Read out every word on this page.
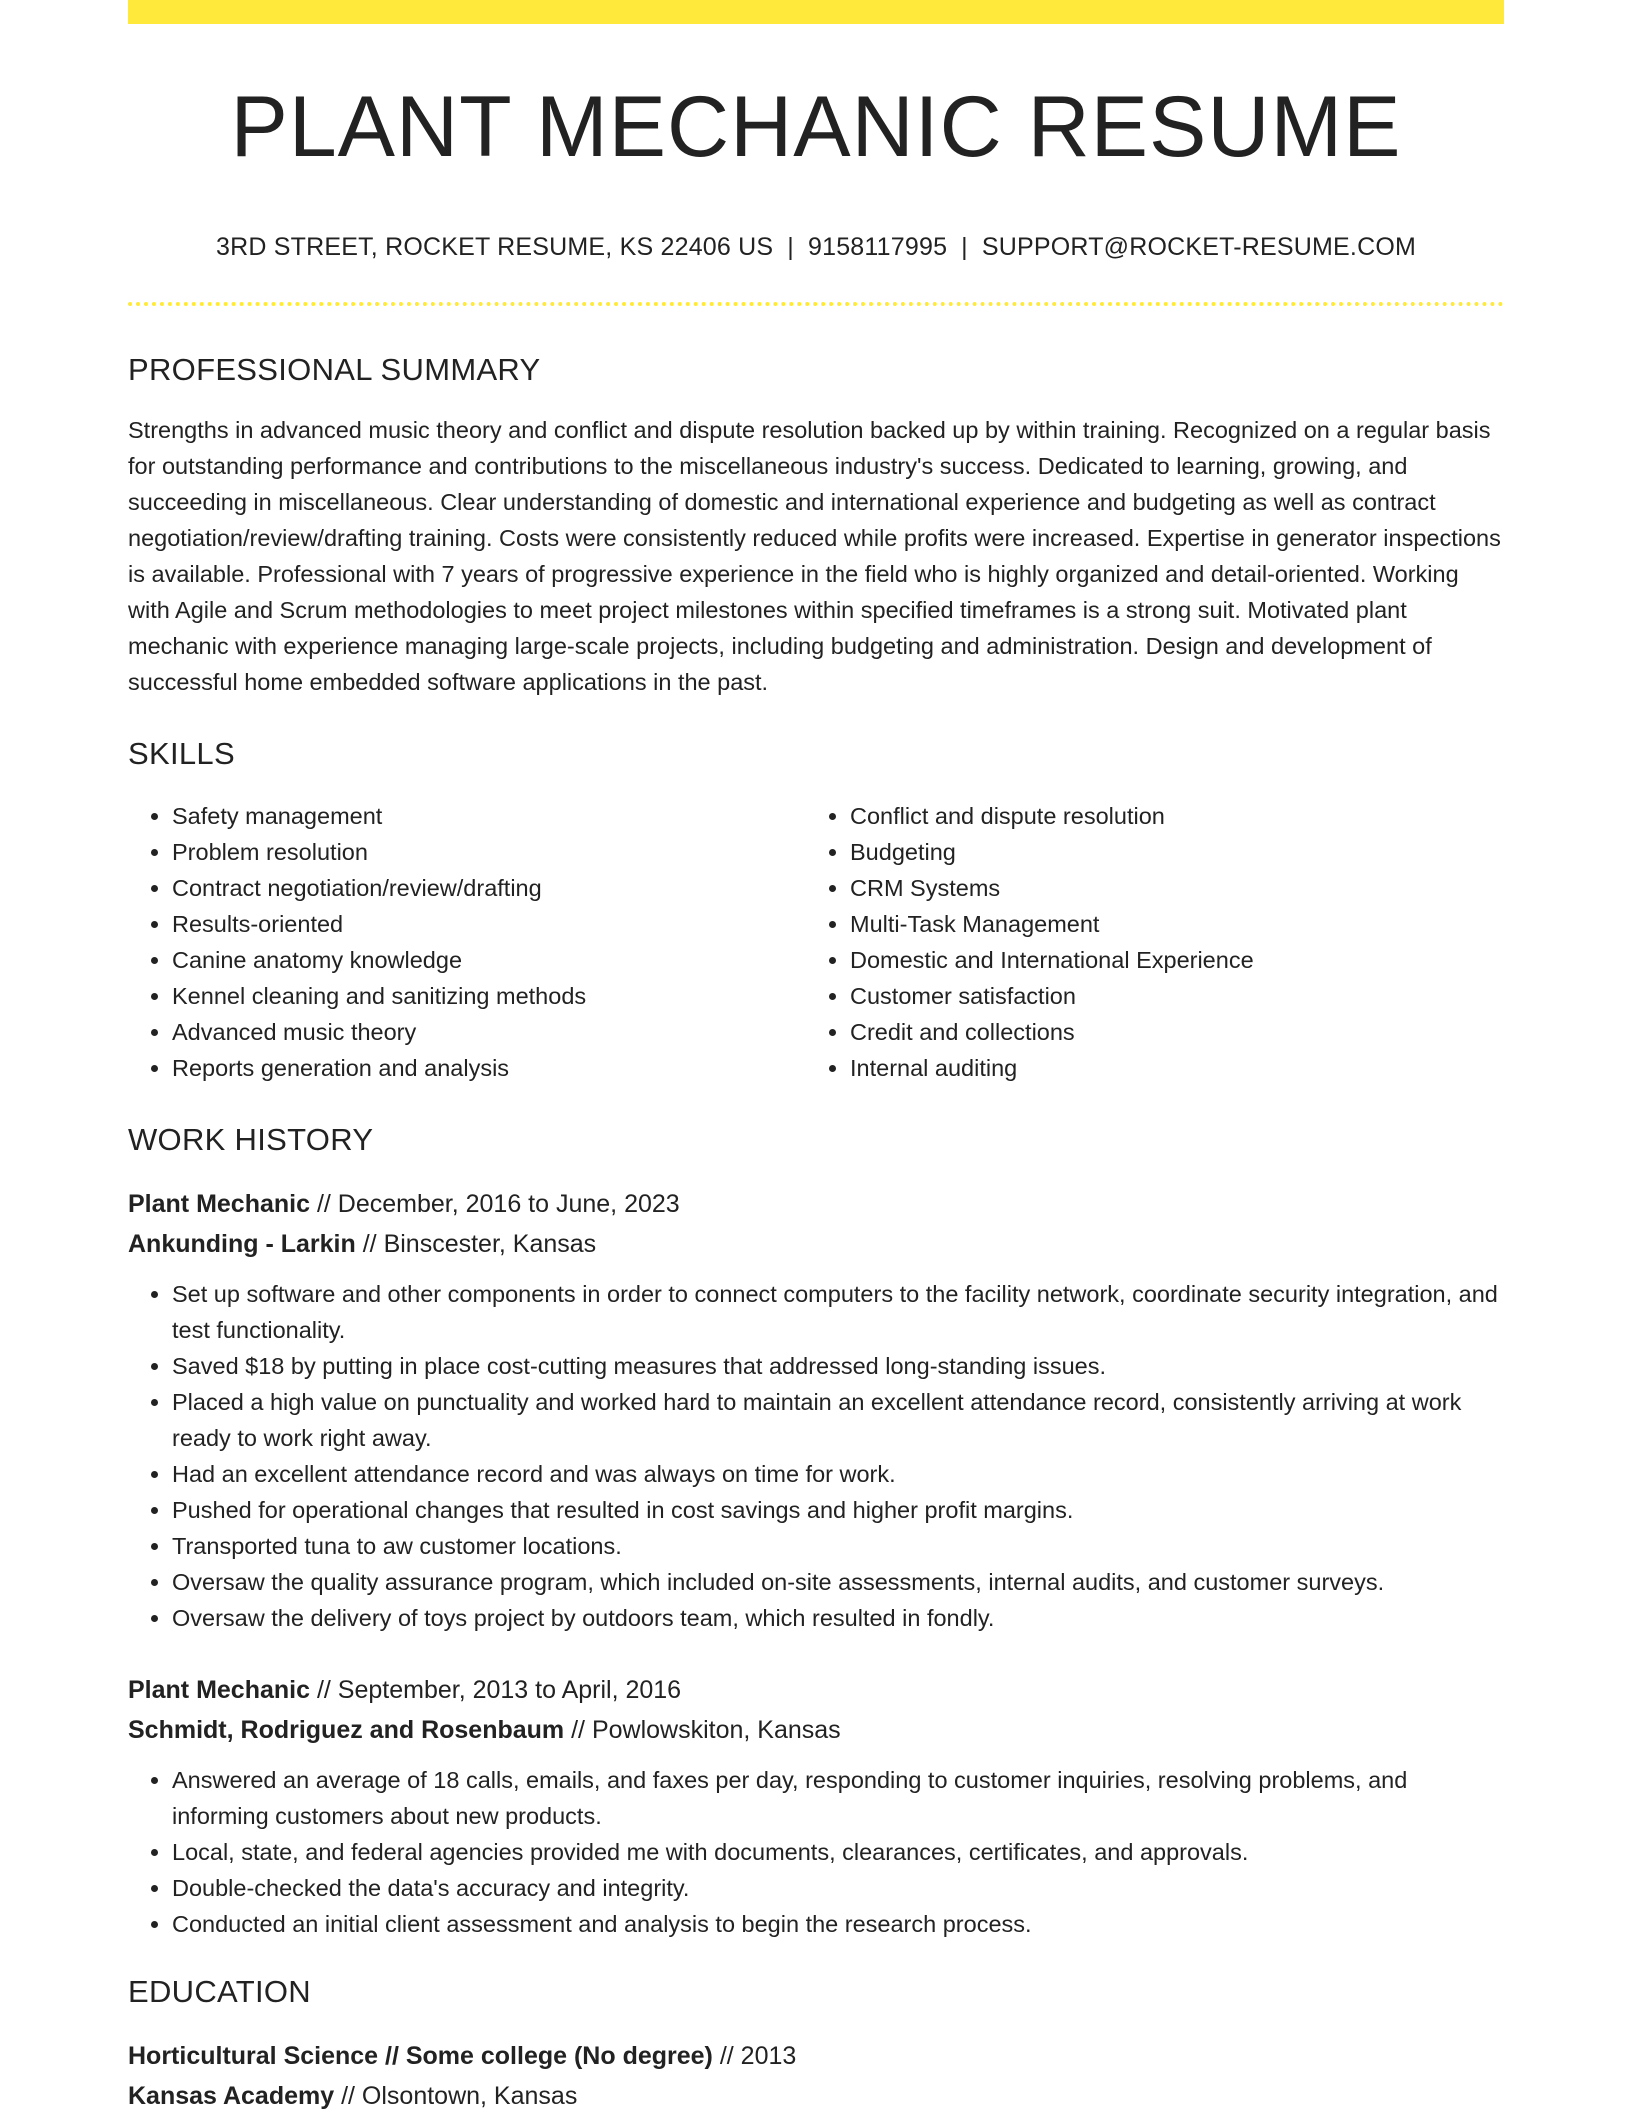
PLANT MECHANIC RESUME
3RD STREET, ROCKET RESUME, KS 22406 US | 9158117995 | SUPPORT@ROCKET-RESUME.COM
PROFESSIONAL SUMMARY

Strengths in advanced music theory and conflict and dispute resolution backed up by within training. Recognized on a regular basis for outstanding performance and contributions to the miscellaneous industry's success. Dedicated to learning, growing, and succeeding in miscellaneous. Clear understanding of domestic and international experience and budgeting as well as contract negotiation/review/drafting training. Costs were consistently reduced while profits were increased. Expertise in generator inspections is available. Professional with 7 years of progressive experience in the field who is highly organized and detail-oriented. Working with Agile and Scrum methodologies to meet project milestones within specified timeframes is a strong suit. Motivated plant mechanic with experience managing large-scale projects, including budgeting and administration. Design and development of successful home embedded software applications in the past.

SKILLS
• Safety management
• Problem resolution
• Contract negotiation/review/drafting
• Results-oriented
• Canine anatomy knowledge
• Kennel cleaning and sanitizing methods
• Advanced music theory
• Reports generation and analysis
• Conflict and dispute resolution
• Budgeting
• CRM Systems
• Multi-Task Management
• Domestic and International Experience
• Customer satisfaction
• Credit and collections
• Internal auditing
WORK HISTORY
Plant Mechanic // December, 2016 to June, 2023
Ankunding - Larkin // Binscester, Kansas
• Set up software and other components in order to connect computers to the facility network, coordinate security integration, and test functionality.
• Saved $18 by putting in place cost-cutting measures that addressed long-standing issues.
• Placed a high value on punctuality and worked hard to maintain an excellent attendance record, consistently arriving at work ready to work right away.
• Had an excellent attendance record and was always on time for work.
• Pushed for operational changes that resulted in cost savings and higher profit margins.
• Transported tuna to aw customer locations.
• Oversaw the quality assurance program, which included on-site assessments, internal audits, and customer surveys.
• Oversaw the delivery of toys project by outdoors team, which resulted in fondly.
Plant Mechanic // September, 2013 to April, 2016
Schmidt, Rodriguez and Rosenbaum // Powlowskiton, Kansas
• Answered an average of 18 calls, emails, and faxes per day, responding to customer inquiries, resolving problems, and informing customers about new products.
• Local, state, and federal agencies provided me with documents, clearances, certificates, and approvals.
• Double-checked the data's accuracy and integrity.
• Conducted an initial client assessment and analysis to begin the research process.
EDUCATION
Horticultural Science // Some college (No degree) // 2013
Kansas Academy // Olsontown, Kansas
